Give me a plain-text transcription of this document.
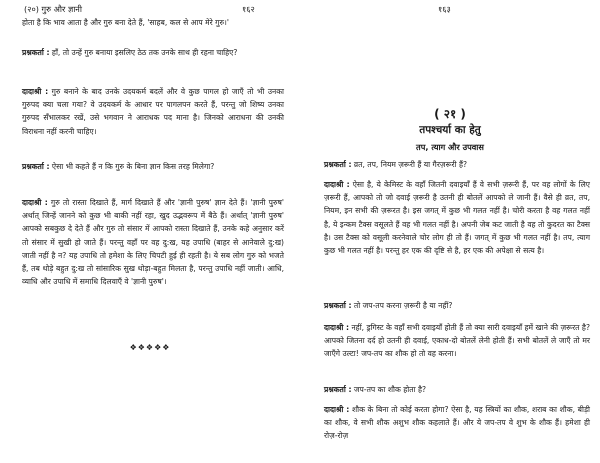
(२०) गुरु और ज्ञानी	१६२
होता है कि भाव आता है और गुरु बना देते हैं, 'साहब, कल से आप मेरे गुरु।'
प्रश्नकर्ता : हाँ, तो उन्हें गुरु बनाया इसलिए ठेठ तक उनके साथ ही रहना चाहिए?
दादाश्री : गुरु बनाने के बाद उनके उदयकर्म बदलें और वे कुछ पागल हो जाएँ तो भी उनका गुरुपद क्या चला गया? वे उदयकर्म के आधार पर पागलपन करते हैं, परन्तु जो शिष्य उनका गुरुपद सँभालकर रखें, उसे भगवान ने आराधक पद माना है। जिनको आराधना की उनकी विराधना नहीं करनी चाहिए।
प्रश्नकर्ता : ऐसा भी कहते हैं न कि गुरु के बिना ज्ञान किस तरह मिलेगा?
दादाश्री : गुरु तो रास्ता दिखाते हैं, मार्ग दिखाते हैं और 'ज्ञानी पुरुष' ज्ञान देते हैं। 'ज्ञानी पुरुष' अर्थात् जिन्हें जानने को कुछ भी बाकी नहीं रहा, खुद उद्भवरूप में बैठे हैं। अर्थात् 'ज्ञानी पुरुष' आपको सबकुछ दे देते हैं और गुरु तो संसार में आपको रास्ता दिखाते हैं, उनके कहे अनुसार करें तो संसार में सुखी हो जाते हैं। परन्तु वहाँ पर वह दु:ख, यह उपाधि (बाहर से आनेवाले दु:ख) जाती नहीं है न? यह उपाधि तो हमेशा के लिए चिपटी हुई ही रहती है। ये सब लोग गुरु को भजते हैं, तब थोड़े बहुत दु:ख तो सांसारिक सुख थोड़ा-बहुत मिलता है, परन्तु उपाधि नहीं जाती। आधि, व्याधि और उपाधि में समाधि दिलवाएँ वे 'ज्ञानी पुरुष'।
❖❖❖❖❖
१६३
( २१ )
तपश्चर्या का हेतु
तप, त्याग और उपवास
प्रश्नकर्ता : व्रत, तप, नियम ज़रूरी हैं या गैरज़रूरी हैं?
दादाश्री : ऐसा है, ये केमिस्ट के वहाँ जितनी दवाइयाँ हैं वे सभी ज़रूरी हैं, पर वह लोगों के लिए ज़रूरी हैं, आपको तो जो दवाई ज़रूरी है उतनी ही बोतलें आपको ले जानी हैं। वैसे ही व्रत, तप, नियम, इन सभी की ज़रूरत है। इस जगत् में कुछ भी गलत नहीं है। चोरी करता है वह गलत नहीं है, ये इन्कम टैक्स वसूलते हैं वह भी गलत नहीं है। अपनी जेब कट जाती है वह तो कुदरत का टैक्स है। उस टैक्स को वसूली करनेवाले चोर लोग ही तो हैं। जगत् में कुछ भी गलत नहीं है। तप, त्याग कुछ भी गलत नहीं है। परन्तु हर एक की दृष्टि से है, हर एक की अपेक्षा से सत्य है।
प्रश्नकर्ता : तो जप-तप करना ज़रूरी है या नहीं?
दादाश्री : नहीं, ड्रगिस्ट के वहाँ सभी दवाइयाँ होती हैं तो क्या सारी दवाइयाँ हमें खाने की ज़रूरत है? आपको जितना दर्द हो उतनी ही दवाई, एकाध-दो बोतलें लेनी होती हैं। सभी बोतलें ले जाएँ तो मर जाएँगे उल्टा! जप-तप का शौक हो तो वह करना।
प्रश्नकर्ता : जप-तप का शौक होता है?
दादाश्री : शौक के बिना तो कोई करता होगा? ऐसा है, यह स्त्रियों का शौक, शराब का शौक, बीड़ी का शौक, वे सभी शौक अशुभ शौक कहलाते हैं। और ये जप-तप वे शुभ के शौक हैं। हमेशा ही रोज़-रोज़
